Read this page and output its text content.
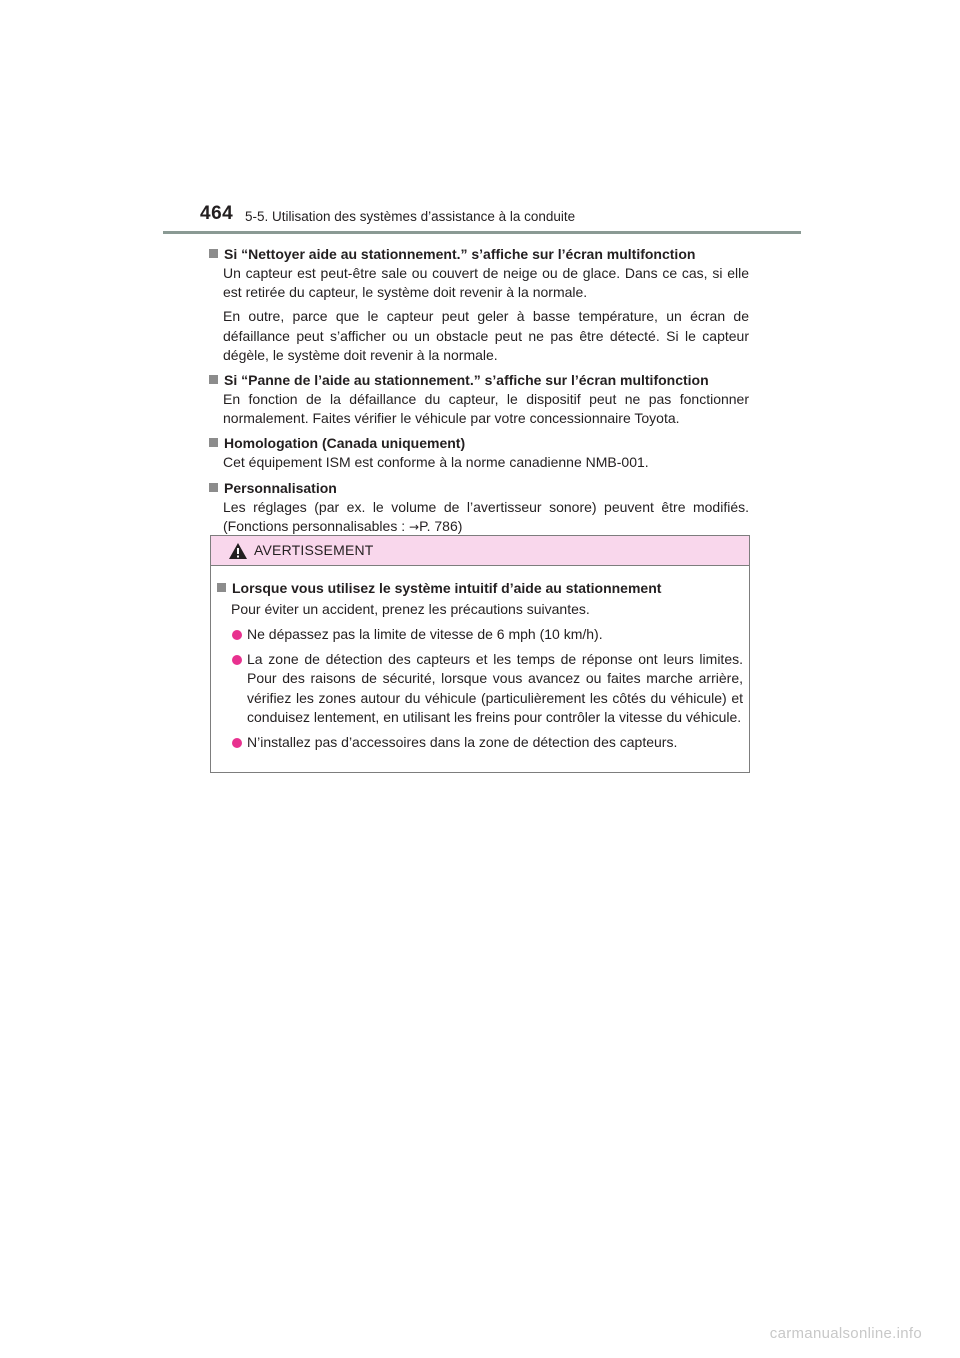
464 5-5. Utilisation des systèmes d’assistance à la conduite
Si “Nettoyer aide au stationnement.” s’affiche sur l’écran multifonction

Un capteur est peut-être sale ou couvert de neige ou de glace. Dans ce cas, si elle est retirée du capteur, le système doit revenir à la normale.

En outre, parce que le capteur peut geler à basse température, un écran de défaillance peut s’afficher ou un obstacle peut ne pas être détecté. Si le capteur dégèle, le système doit revenir à la normale.

Si “Panne de l’aide au stationnement.” s’affiche sur l’écran multifonction

En fonction de la défaillance du capteur, le dispositif peut ne pas fonctionner normalement. Faites vérifier le véhicule par votre concessionnaire Toyota.

Homologation (Canada uniquement)

Cet équipement ISM est conforme à la norme canadienne NMB-001.

Personnalisation

Les réglages (par ex. le volume de l’avertisseur sonore) peuvent être modifiés. (Fonctions personnalisables : →P. 786)

AVERTISSEMENT
Lorsque vous utilisez le système intuitif d’aide au stationnement
Pour éviter un accident, prenez les précautions suivantes.
Ne dépassez pas la limite de vitesse de 6 mph (10 km/h).
La zone de détection des capteurs et les temps de réponse ont leurs limites. Pour des raisons de sécurité, lorsque vous avancez ou faites marche arrière, vérifiez les zones autour du véhicule (particulièrement les côtés du véhicule) et conduisez lentement, en utilisant les freins pour contrôler la vitesse du véhicule.
N’installez pas d’accessoires dans la zone de détection des capteurs.
carmanualsonline.info
